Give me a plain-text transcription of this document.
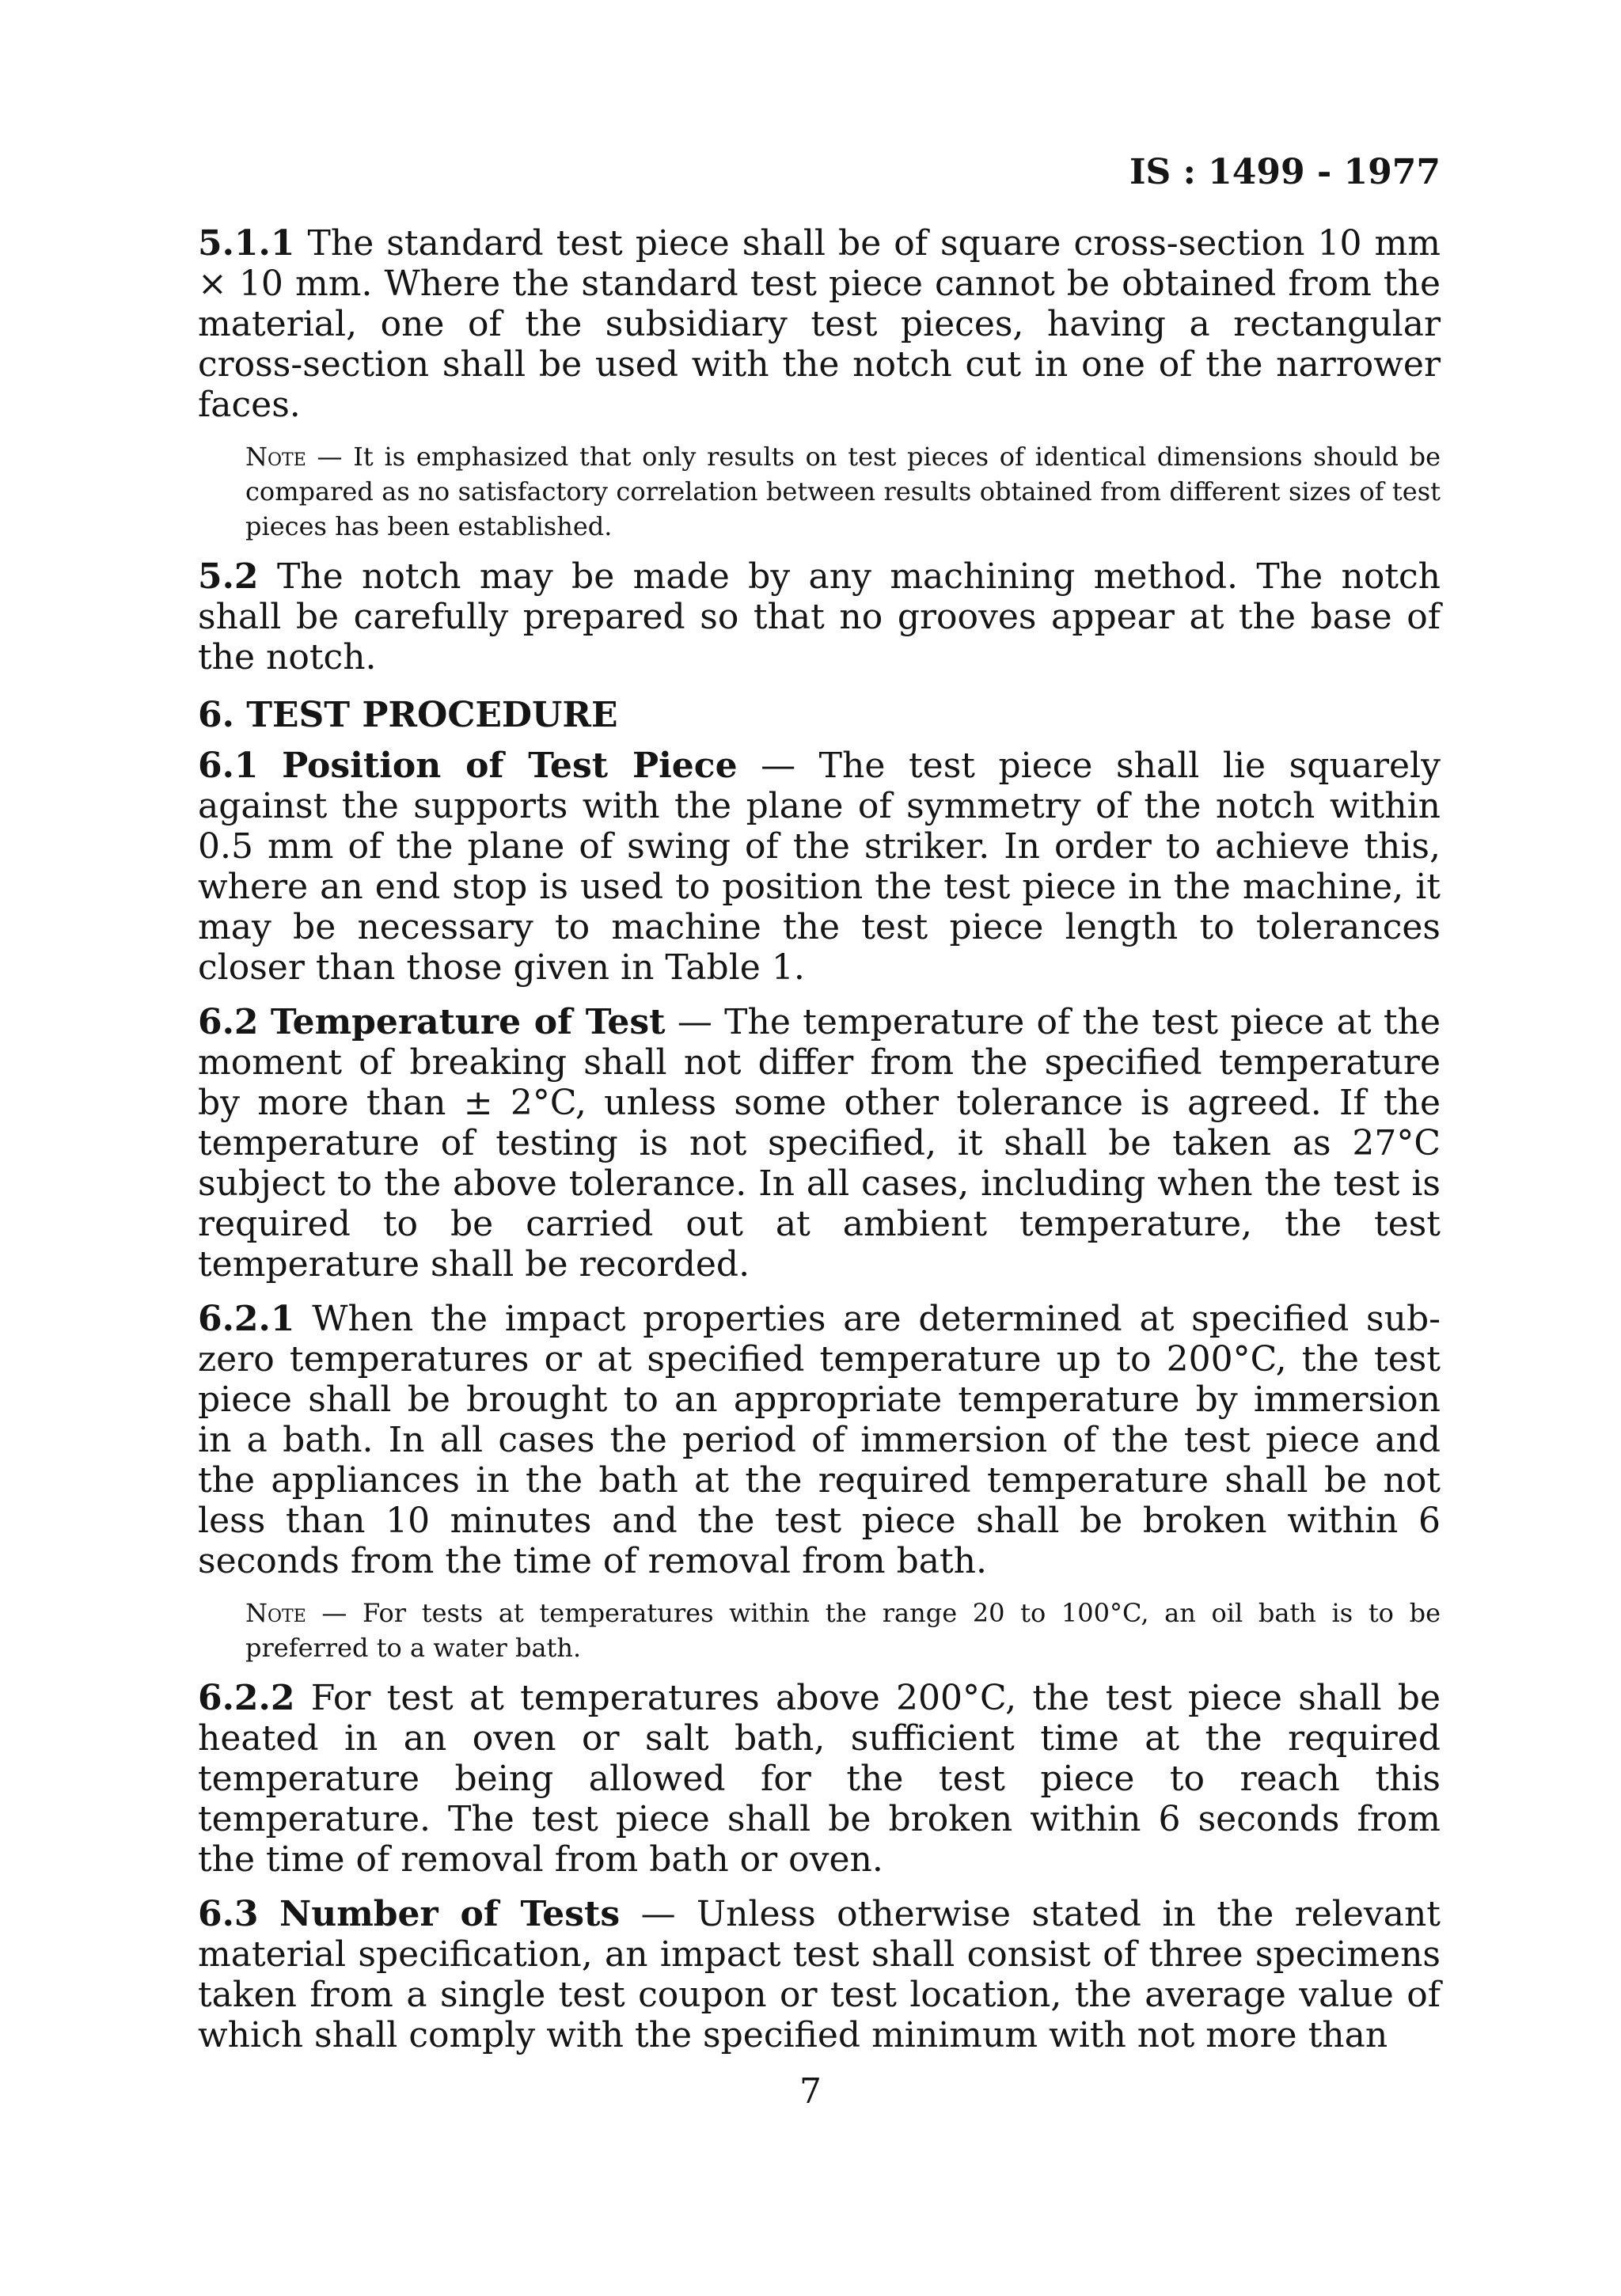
IS : 1499 - 1977

5.1.1 The standard test piece shall be of square cross-section 10 mm × 10 mm. Where the standard test piece cannot be obtained from the material, one of the subsidiary test pieces, having a rectangular cross-section shall be used with the notch cut in one of the narrower faces.

Note — It is emphasized that only results on test pieces of identical dimensions should be compared as no satisfactory correlation between results obtained from different sizes of test pieces has been established.

5.2 The notch may be made by any machining method. The notch shall be carefully prepared so that no grooves appear at the base of the notch.

6. TEST PROCEDURE

6.1 Position of Test Piece — The test piece shall lie squarely against the supports with the plane of symmetry of the notch within 0.5 mm of the plane of swing of the striker. In order to achieve this, where an end stop is used to position the test piece in the machine, it may be necessary to machine the test piece length to tolerances closer than those given in Table 1.

6.2 Temperature of Test — The temperature of the test piece at the moment of breaking shall not differ from the specified temperature by more than ± 2°C, unless some other tolerance is agreed. If the temperature of testing is not specified, it shall be taken as 27°C subject to the above tolerance. In all cases, including when the test is required to be carried out at ambient temperature, the test temperature shall be recorded.

6.2.1 When the impact properties are determined at specified sub-zero temperatures or at specified temperature up to 200°C, the test piece shall be brought to an appropriate temperature by immersion in a bath. In all cases the period of immersion of the test piece and the appliances in the bath at the required temperature shall be not less than 10 minutes and the test piece shall be broken within 6 seconds from the time of removal from bath.

Note — For tests at temperatures within the range 20 to 100°C, an oil bath is to be preferred to a water bath.

6.2.2 For test at temperatures above 200°C, the test piece shall be heated in an oven or salt bath, sufficient time at the required temperature being allowed for the test piece to reach this temperature. The test piece shall be broken within 6 seconds from the time of removal from bath or oven.

6.3 Number of Tests — Unless otherwise stated in the relevant material specification, an impact test shall consist of three specimens taken from a single test coupon or test location, the average value of which shall comply with the specified minimum with not more than

7
